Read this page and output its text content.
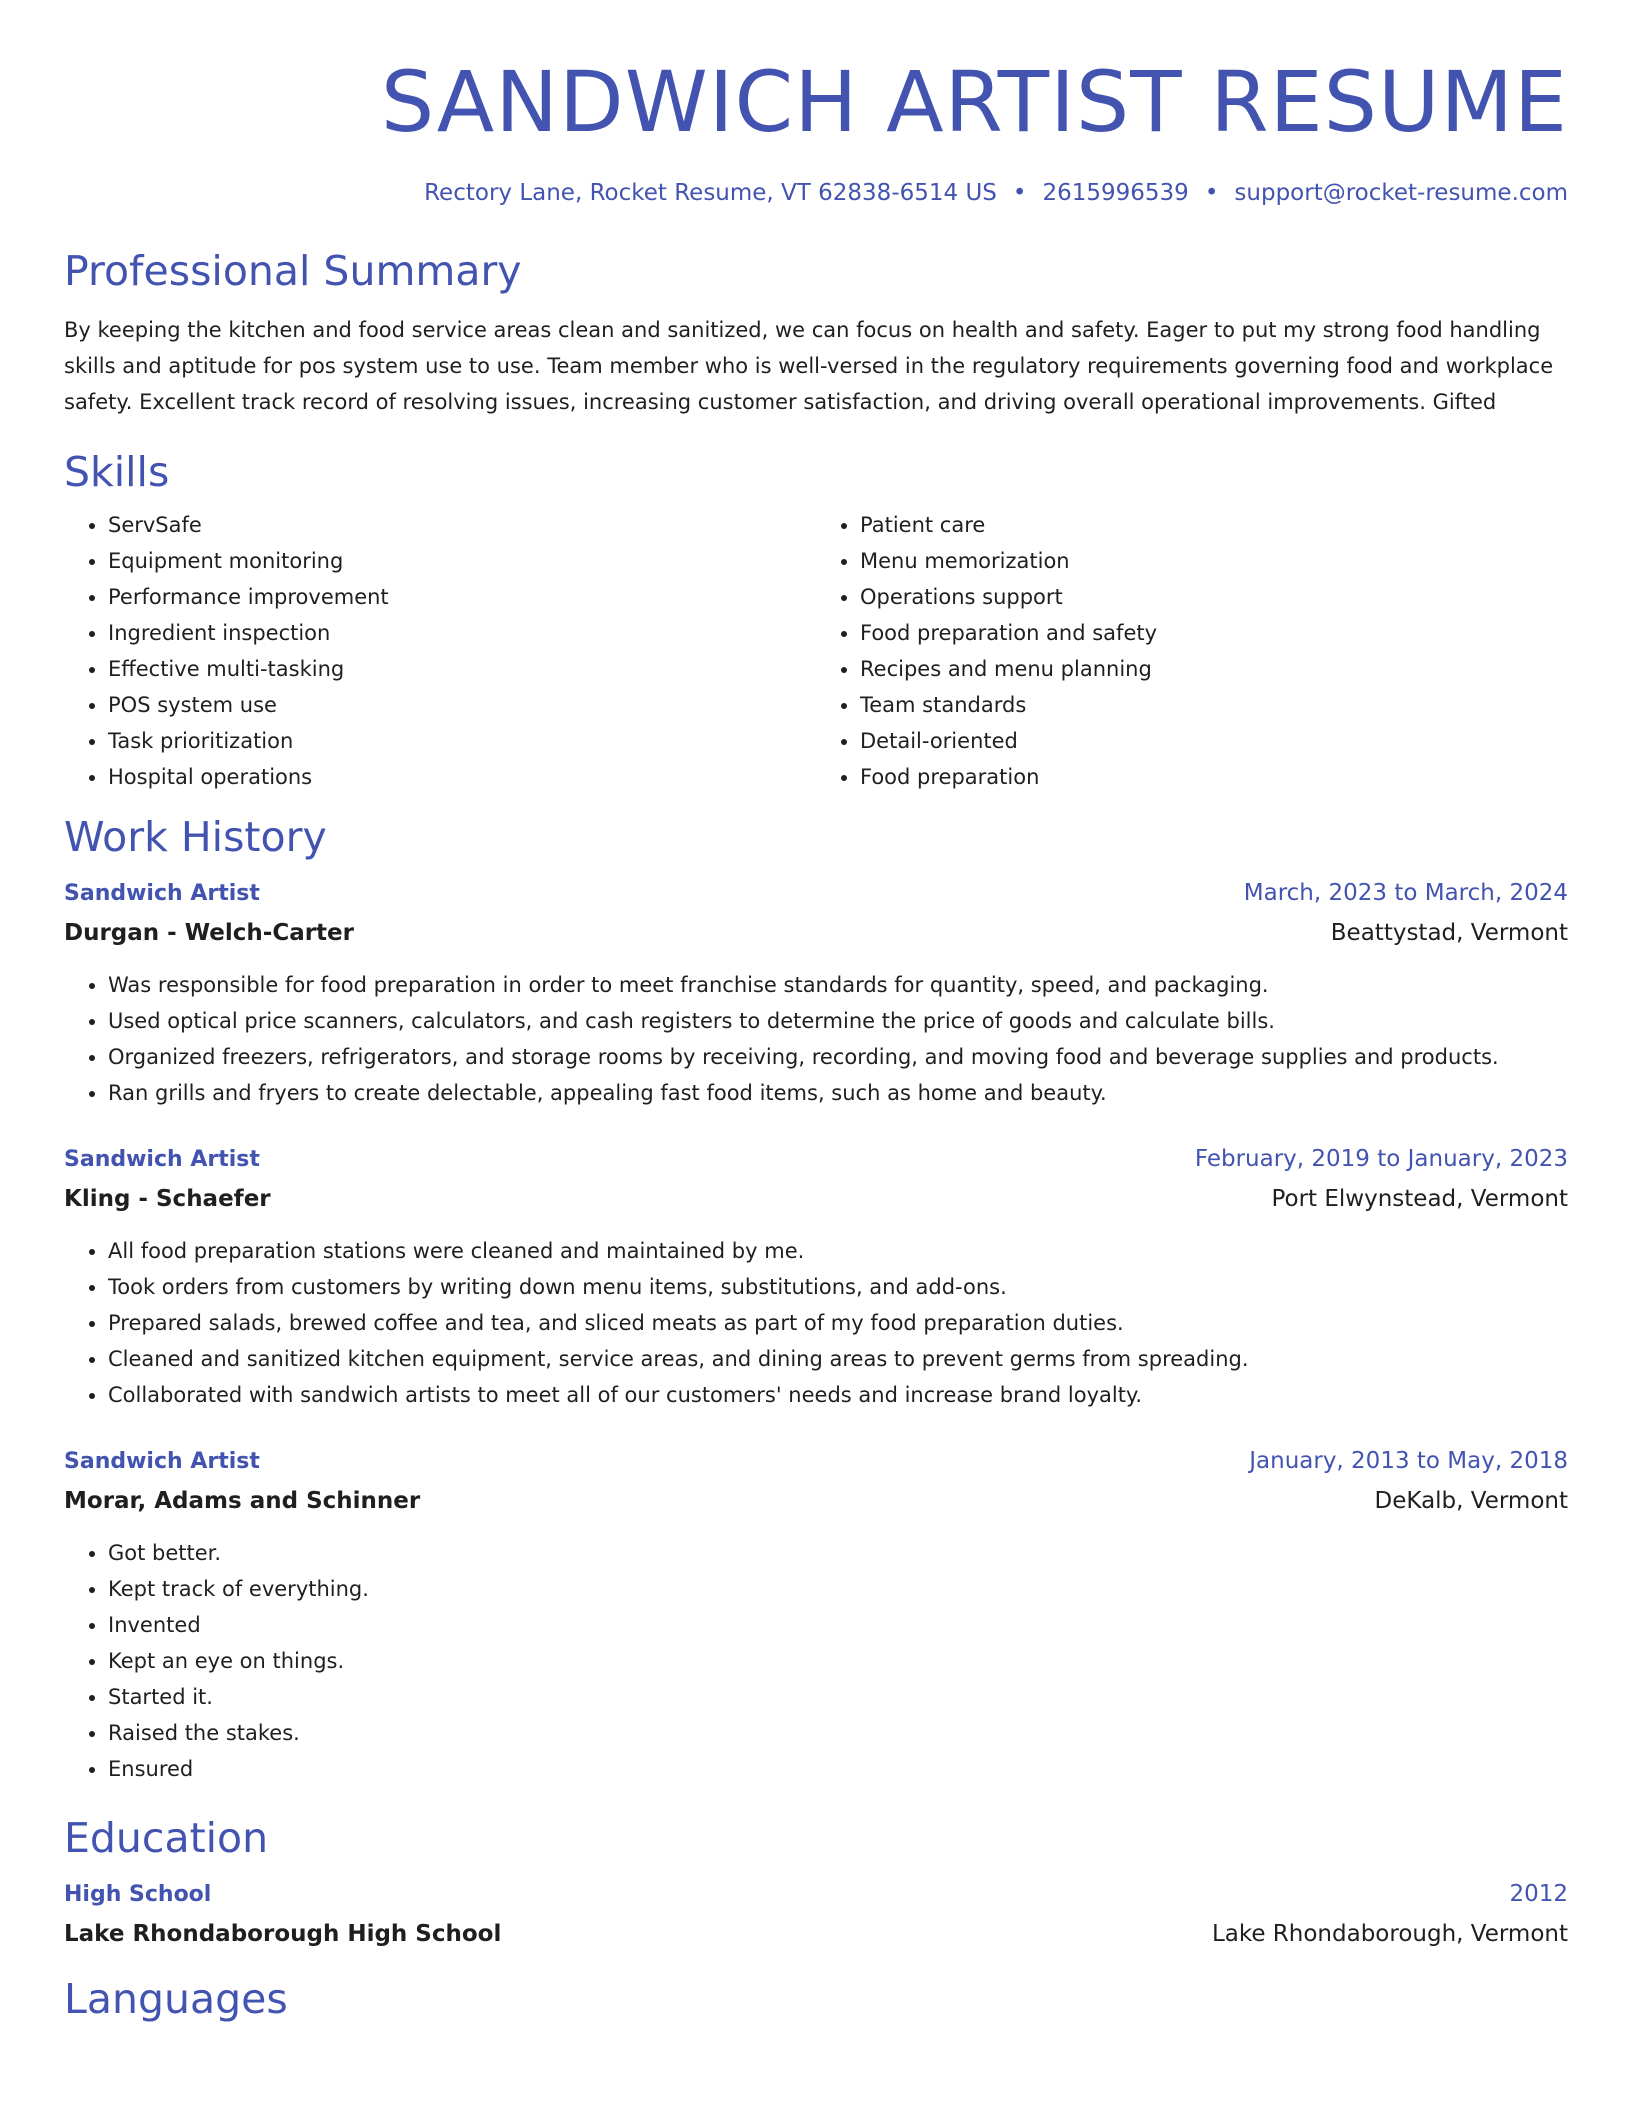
SANDWICH ARTIST RESUME
Rectory Lane, Rocket Resume, VT 62838-6514 US • 2615996539 • support@rocket-resume.com
Professional Summary
By keeping the kitchen and food service areas clean and sanitized, we can focus on health and safety. Eager to put my strong food handling skills and aptitude for pos system use to use. Team member who is well-versed in the regulatory requirements governing food and workplace safety. Excellent track record of resolving issues, increasing customer satisfaction, and driving overall operational improvements. Gifted
Skills
• ServSafe
• Equipment monitoring
• Performance improvement
• Ingredient inspection
• Effective multi-tasking
• POS system use
• Task prioritization
• Hospital operations
• Patient care
• Menu memorization
• Operations support
• Food preparation and safety
• Recipes and menu planning
• Team standards
• Detail-oriented
• Food preparation
Work History
Sandwich Artist	March, 2023 to March, 2024
Durgan - Welch-Carter	Beattystad, Vermont
• Was responsible for food preparation in order to meet franchise standards for quantity, speed, and packaging.
• Used optical price scanners, calculators, and cash registers to determine the price of goods and calculate bills.
• Organized freezers, refrigerators, and storage rooms by receiving, recording, and moving food and beverage supplies and products.
• Ran grills and fryers to create delectable, appealing fast food items, such as home and beauty.
Sandwich Artist	February, 2019 to January, 2023
Kling - Schaefer	Port Elwynstead, Vermont
• All food preparation stations were cleaned and maintained by me.
• Took orders from customers by writing down menu items, substitutions, and add-ons.
• Prepared salads, brewed coffee and tea, and sliced meats as part of my food preparation duties.
• Cleaned and sanitized kitchen equipment, service areas, and dining areas to prevent germs from spreading.
• Collaborated with sandwich artists to meet all of our customers' needs and increase brand loyalty.
Sandwich Artist	January, 2013 to May, 2018
Morar, Adams and Schinner	DeKalb, Vermont
• Got better.
• Kept track of everything.
• Invented
• Kept an eye on things.
• Started it.
• Raised the stakes.
• Ensured
Education
High School	2012
Lake Rhondaborough High School	Lake Rhondaborough, Vermont
Languages
